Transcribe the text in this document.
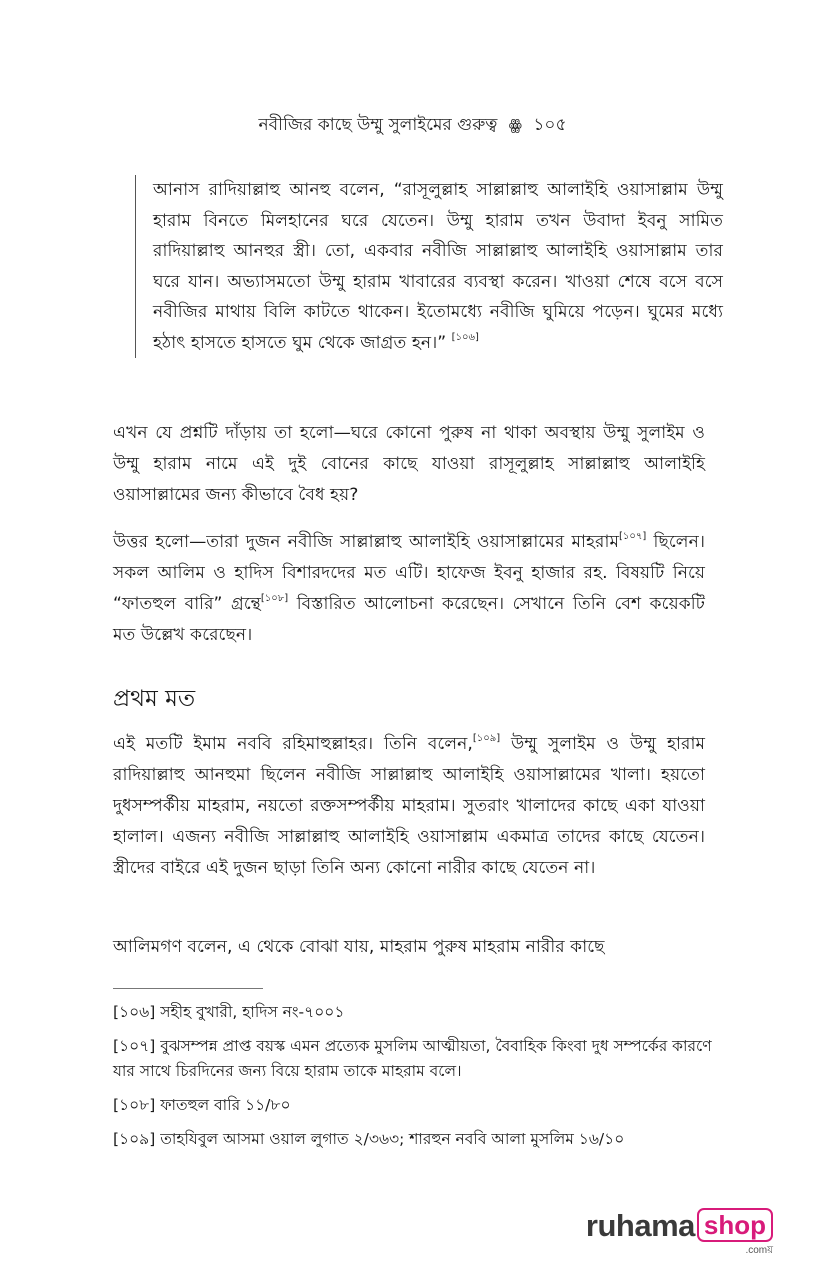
নবীজির কাছে উম্মু সুলাইমের গুরুত্ব ꙮ ১০৫
আনাস রাদিয়াল্লাহু আনহু বলেন, “রাসূলুল্লাহ সাল্লাল্লাহু আলাইহি ওয়াসাল্লাম উম্মু হারাম বিনতে মিলহানের ঘরে যেতেন। উম্মু হারাম তখন উবাদা ইবনু সামিত রাদিয়াল্লাহু আনহুর স্ত্রী। তো, একবার নবীজি সাল্লাল্লাহু আলাইহি ওয়াসাল্লাম তার ঘরে যান। অভ্যাসমতো উম্মু হারাম খাবারের ব্যবস্থা করেন। খাওয়া শেষে বসে বসে নবীজির মাথায় বিলি কাটতে থাকেন। ইতোমধ্যে নবীজি ঘুমিয়ে পড়েন। ঘুমের মধ্যে হঠাৎ হাসতে হাসতে ঘুম থেকে জাগ্রত হন।” [১০৬]

এখন যে প্রশ্নটি দাঁড়ায় তা হলো—ঘরে কোনো পুরুষ না থাকা অবস্থায় উম্মু সুলাইম ও উম্মু হারাম নামে এই দুই বোনের কাছে যাওয়া রাসূলুল্লাহ সাল্লাল্লাহু আলাইহি ওয়াসাল্লামের জন্য কীভাবে বৈধ হয়?

উত্তর হলো—তারা দুজন নবীজি সাল্লাল্লাহু আলাইহি ওয়াসাল্লামের মাহরাম[১০৭] ছিলেন। সকল আলিম ও হাদিস বিশারদদের মত এটি। হাফেজ ইবনু হাজার রহ. বিষয়টি নিয়ে “ফাতহুল বারি” গ্রন্থে[১০৮] বিস্তারিত আলোচনা করেছেন। সেখানে তিনি বেশ কয়েকটি মত উল্লেখ করেছেন।

প্রথম মত

এই মতটি ইমাম নববি রহিমাহুল্লাহর। তিনি বলেন,[১০৯] উম্মু সুলাইম ও উম্মু হারাম রাদিয়াল্লাহু আনহুমা ছিলেন নবীজি সাল্লাল্লাহু আলাইহি ওয়াসাল্লামের খালা। হয়তো দুধসম্পর্কীয় মাহরাম, নয়তো রক্তসম্পর্কীয় মাহরাম। সুতরাং খালাদের কাছে একা যাওয়া হালাল। এজন্য নবীজি সাল্লাল্লাহু আলাইহি ওয়াসাল্লাম একমাত্র তাদের কাছে যেতেন। স্ত্রীদের বাইরে এই দুজন ছাড়া তিনি অন্য কোনো নারীর কাছে যেতেন না।

আলিমগণ বলেন, এ থেকে বোঝা যায়, মাহরাম পুরুষ মাহরাম নারীর কাছে

[১০৬] সহীহ বুখারী, হাদিস নং-৭০০১

[১০৭] বুঝসম্পন্ন প্রাপ্ত বয়স্ক এমন প্রত্যেক মুসলিম আত্মীয়তা, বৈবাহিক কিংবা দুধ সম্পর্কের কারণে যার সাথে চিরদিনের জন্য বিয়ে হারাম তাকে মাহরাম বলে।

[১০৮] ফাতহুল বারি ১১/৮০

[১০৯] তাহযিবুল আসমা ওয়াল লুগাত ২/৩৬৩; শারহুন নববি আলা মুসলিম ১৬/১০

ruhama shop
.comয়
